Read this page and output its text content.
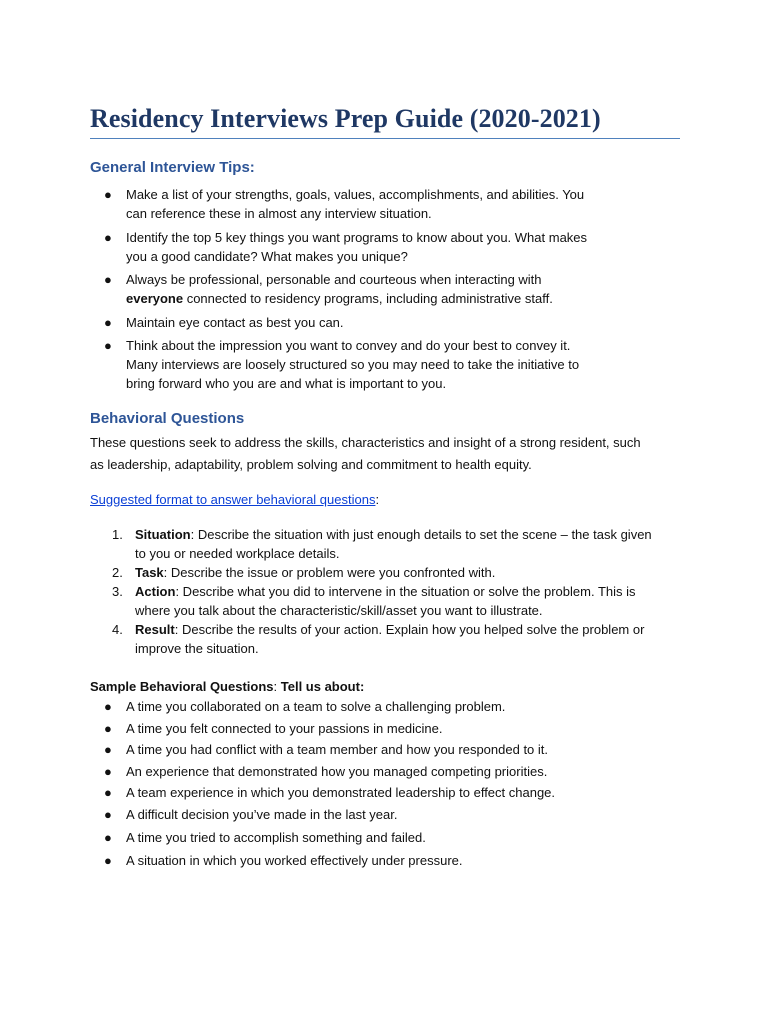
Residency Interviews Prep Guide (2020-2021)
General Interview Tips:
● Make a list of your strengths, goals, values, accomplishments, and abilities. You
can reference these in almost any interview situation.
● Identify the top 5 key things you want programs to know about you. What makes
you a good candidate? What makes you unique?
● Always be professional, personable and courteous when interacting with
everyone connected to residency programs, including administrative staff.
● Maintain eye contact as best you can.
● Think about the impression you want to convey and do your best to convey it.
Many interviews are loosely structured so you may need to take the initiative to
bring forward who you are and what is important to you.
Behavioral Questions
These questions seek to address the skills, characteristics and insight of a strong resident, such
as leadership, adaptability, problem solving and commitment to health equity.
Suggested format to answer behavioral questions:
1. Situation: Describe the situation with just enough details to set the scene – the task given
to you or needed workplace details.
2. Task: Describe the issue or problem were you confronted with.
3. Action: Describe what you did to intervene in the situation or solve the problem. This is
where you talk about the characteristic/skill/asset you want to illustrate.
4. Result: Describe the results of your action. Explain how you helped solve the problem or
improve the situation.
Sample Behavioral Questions: Tell us about:
● A time you collaborated on a team to solve a challenging problem.
● A time you felt connected to your passions in medicine.
● A time you had conflict with a team member and how you responded to it.
● An experience that demonstrated how you managed competing priorities.
● A team experience in which you demonstrated leadership to effect change.
● A difficult decision you’ve made in the last year.
● A time you tried to accomplish something and failed.
● A situation in which you worked effectively under pressure.
